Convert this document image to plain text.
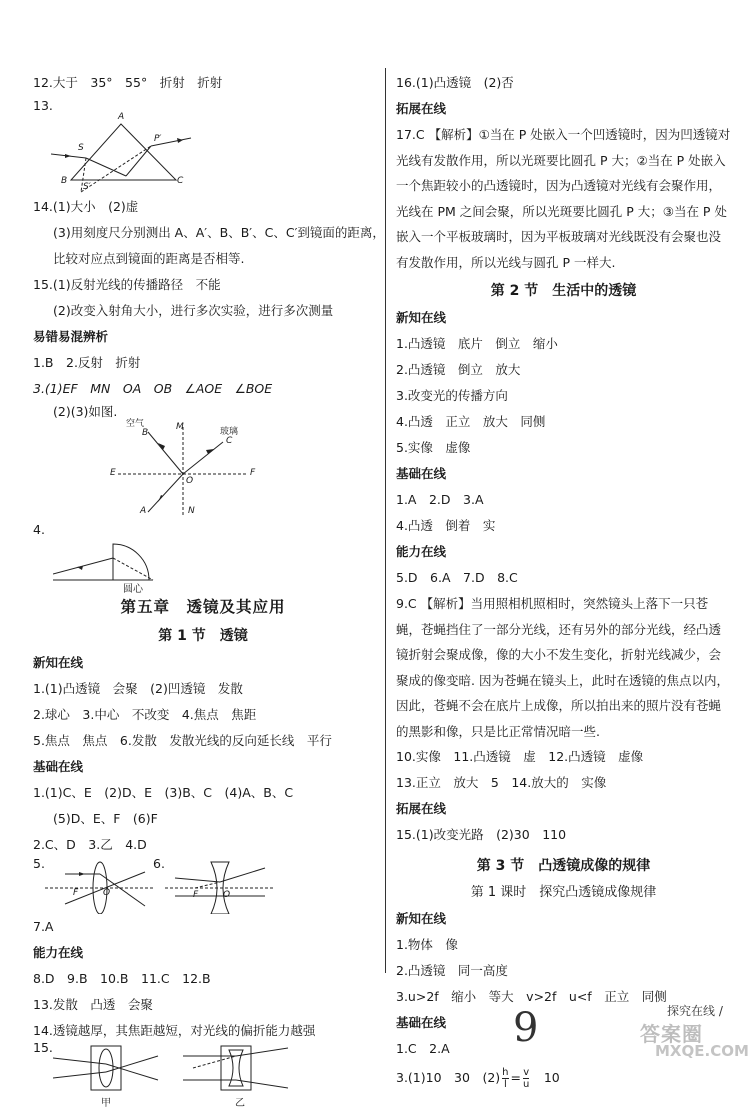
12.大于　35°　55°　折射　折射
13.
A
S
P′
B	C
S′
14.(1)大小　(2)虚
(3)用刻度尺分别测出 A、A′、B、B′、C、C′到镜面的距离，
比较对应点到镜面的距离是否相等.
15.(1)反射光线的传播路径　不能
(2)改变入射角大小，进行多次实验，进行多次测量
易错易混辨析
1.B　2.反射　折射
3.(1)EF　MN　OA　OB　∠AOE　∠BOE
(2)(3)如图.
空气
玻璃
B
M
C
E	F
O
A	N
4.
圆心
第五章　透镜及其应用
第 1 节　透镜
新知在线
1.(1)凸透镜　会聚　(2)凹透镜　发散
2.球心　3.中心　不改变　4.焦点　焦距
5.焦点　焦点　6.发散　发散光线的反向延长线　平行
基础在线
1.(1)C、E　(2)D、E　(3)B、C　(4)A、B、C
(5)D、E、F　(6)F
2.C、D　3.乙　4.D
5.
F	O
6.
F	O
7.A
能力在线
8.D　9.B　10.B　11.C　12.B
13.发散　凸透　会聚
14.透镜越厚，其焦距越短，对光线的偏折能力越强
15.
甲	乙
16.(1)凸透镜　(2)否
拓展在线
17.C 【解析】①当在 P 处嵌入一个凹透镜时，因为凹透镜对光线有发散作用，所以光斑要比圆孔 P 大；②当在 P 处嵌入一个焦距较小的凸透镜时，因为凸透镜对光线有会聚作用，光线在 PM 之间会聚，所以光斑要比圆孔 P 大；③当在 P 处嵌入一个平板玻璃时，因为平板玻璃对光线既没有会聚也没有发散作用，所以光线与圆孔 P 一样大.
第 2 节　生活中的透镜
新知在线
1.凸透镜　底片　倒立　缩小
2.凸透镜　倒立　放大
3.改变光的传播方向
4.凸透　正立　放大　同侧
5.实像　虚像
基础在线
1.A　2.D　3.A
4.凸透　倒着　实
能力在线
5.D　6.A　7.D　8.C
9.C 【解析】当用照相机照相时，突然镜头上落下一只苍蝇，苍蝇挡住了一部分光线，还有另外的部分光线，经凸透镜折射会聚成像，像的大小不发生变化，折射光线减少，会聚成的像变暗. 因为苍蝇在镜头上，此时在透镜的焦点以内，因此，苍蝇不会在底片上成像，所以拍出来的照片没有苍蝇的黑影和像，只是比正常情况暗一些.
10.实像　11.凸透镜　虚　12.凸透镜　虚像
13.正立　放大　5　14.放大的　实像
拓展在线
15.(1)改变光路　(2)30　110
第 3 节　凸透镜成像的规律
第 1 课时　探究凸透镜成像规律
新知在线
1.物体　像
2.凸透镜　同一高度
3.u>2f　缩小　等大　v>2f　u<f　正立　同侧
基础在线
1.C　2.A
3.(1)10　30　$(2) \frac{h}{l} = \frac{v}{u}$ 　10
9	探究在线 /
答案圈
MXQE.COM
